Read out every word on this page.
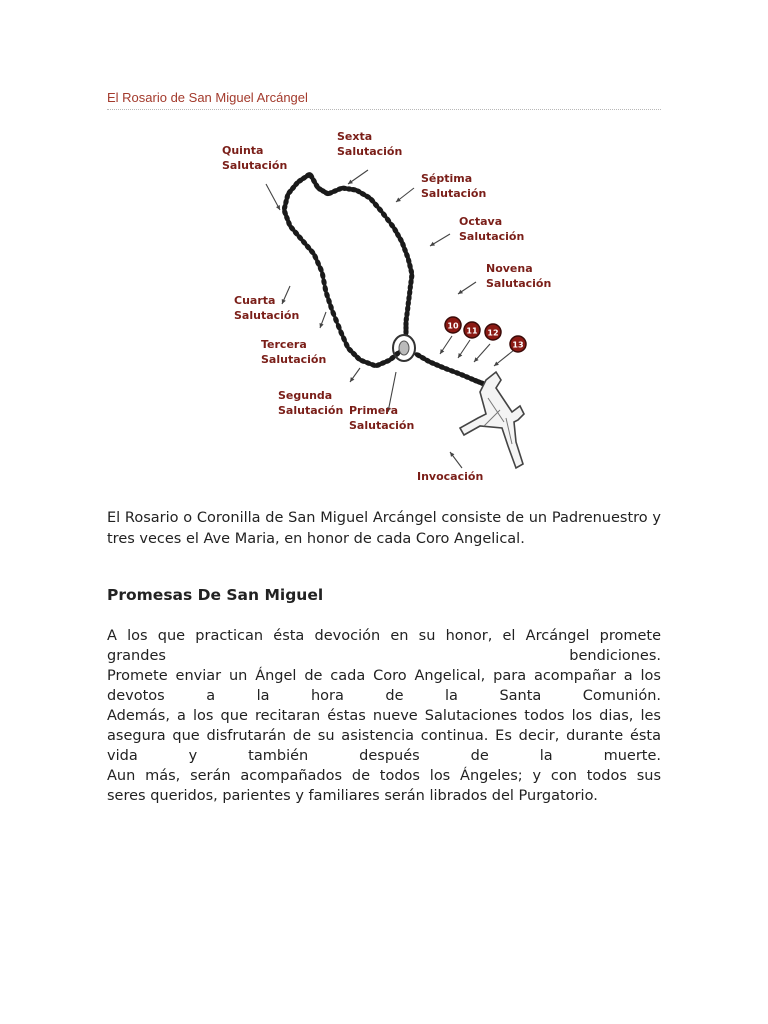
El Rosario de San Miguel Arcángel
10
11 12
13
Quinta Salutación
Sexta Salutación
Séptima Salutación
Octava Salutación
Novena Salutación
Cuarta Salutación
Tercera Salutación
Segunda Salutación Primera Salutación
Invocación
El Rosario o Coronilla de San Miguel Arcángel consiste de un Padrenuestro y tres veces el Ave Maria, en honor de cada Coro Angelical.
Promesas De San Miguel
A los que practican ésta devoción en su honor, el Arcángel promete
grandes bendiciones.
Promete enviar un Ángel de cada Coro Angelical, para acompañar a los
devotos a la hora de la Santa Comunión.
Además, a los que recitaran éstas nueve Salutaciones todos los dias, les
asegura que disfrutarán de su asistencia continua. Es decir, durante ésta
vida y también después de la muerte.
Aun más, serán acompañados de todos los Ángeles; y con todos sus
seres queridos, parientes y familiares serán librados del Purgatorio.
